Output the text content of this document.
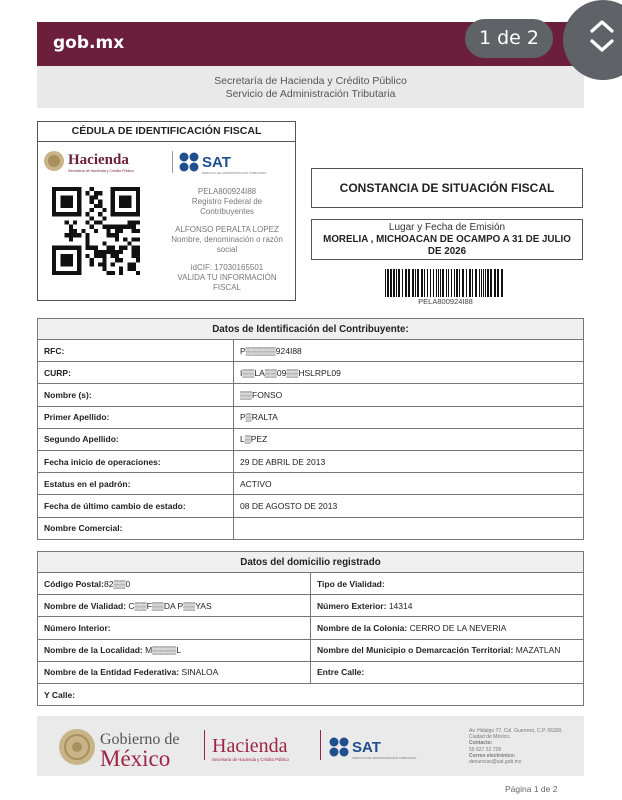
gob.mx
Secretaría de Hacienda y Crédito Público
Servicio de Administración Tributaria
1 de 2
CÉDULA DE IDENTIFICACIÓN FISCAL
Hacienda
Secretaría de Hacienda y Crédito Público	SAT
SERVICIO DE ADMINISTRACIÓN TRIBUTARIA
PELA800924I88
Registro Federal de
Contribuyentes
ALFONSO PERALTA LOPEZ
Nombre, denominación o razón
social
idCIF: 17030165501
VALIDA TU INFORMACIÓN
FISCAL
CONSTANCIA DE SITUACIÓN FISCAL
Lugar y Fecha de Emisión
MORELIA , MICHOACAN DE OCAMPO A 31 DE JULIO
DE 2026
PELA800924I88
Datos de Identificación del Contribuyente:	
RFC:	P▒▒▒▒▒924I88
CURP:	I▒▒LA▒▒09▒▒HSLRPL09
Nombre (s):	▒▒FONSO
Primer Apellido:	P▒RALTA
Segundo Apellido:	L▒PEZ
Fecha inicio de operaciones:	29 DE ABRIL DE 2013
Estatus en el padrón:	ACTIVO
Fecha de último cambio de estado:	08 DE AGOSTO DE 2013
Nombre Comercial:	
Datos del domicilio registrado	
Código Postal:82▒▒0	Tipo de Vialidad:
Nombre de Vialidad: C▒▒F▒▒DA P▒▒YAS	Número Exterior: 14314
Número Interior:	Nombre de la Colonia: CERRO DE LA NEVERIA
Nombre de la Localidad: M▒▒▒▒L	Nombre del Municipio o Demarcación Territorial: MAZATLAN
Nombre de la Entidad Federativa: SINALOA	Entre Calle:
Y Calle:	
Gobierno de
México Hacienda
Secretaría de Hacienda y Crédito Público
SAT
SERVICIO DE ADMINISTRACIÓN TRIBUTARIA
Av. Hidalgo 77, Col. Guerrero, C.P. 06300,
Ciudad de México.
Contacto:
55 627 22 728
Correo electrónico:
denuncias@sat.gob.mx
Página 1 de 2
